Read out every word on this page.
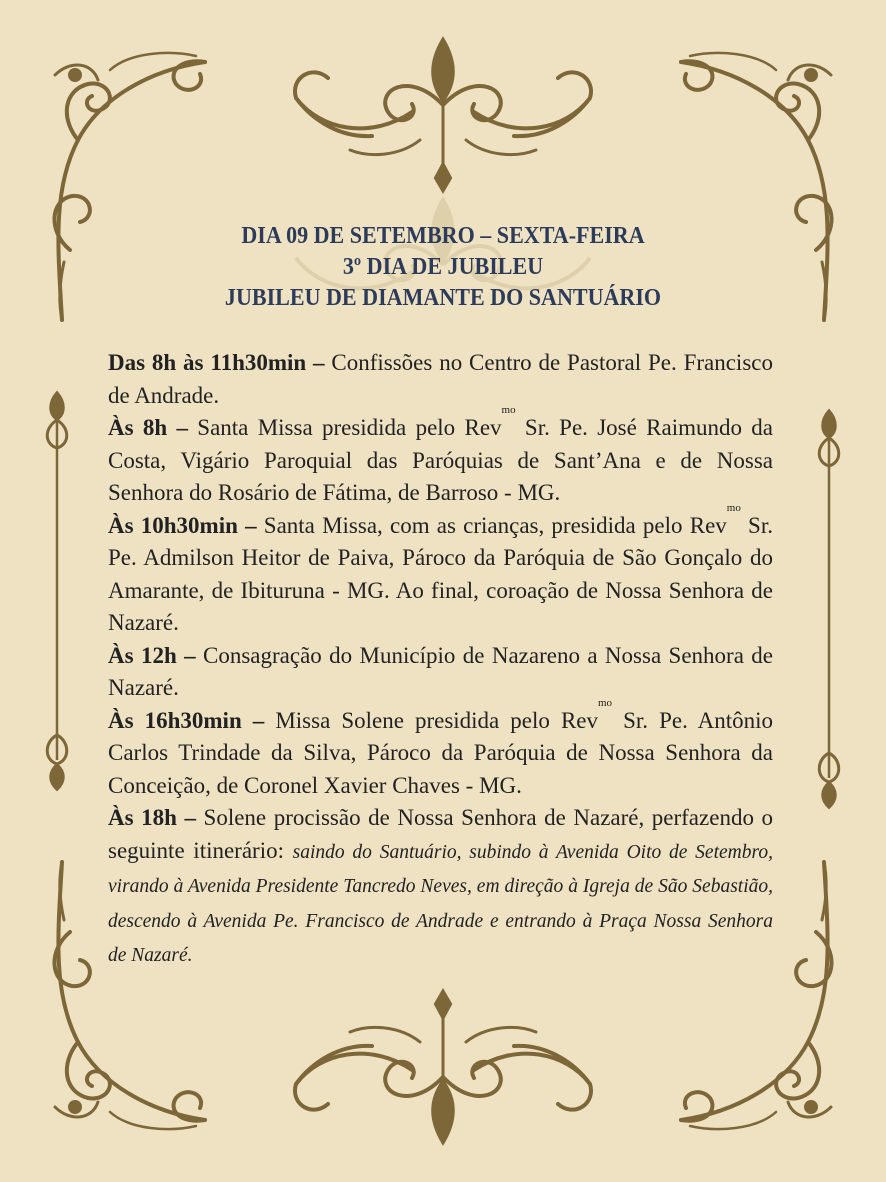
DIA 09 DE SETEMBRO – SEXTA-FEIRA
3º DIA DE JUBILEU
JUBILEU DE DIAMANTE DO SANTUÁRIO

Das 8h às 11h30min – Confissões no Centro de Pastoral Pe. Francisco de Andrade.

Às 8h – Santa Missa presidida pelo Rev$^{mo}$ Sr. Pe. José Raimundo da Costa, Vigário Paroquial das Paróquias de Sant’Ana e de Nossa Senhora do Rosário de Fátima, de Barroso - MG.

Às 10h30min – Santa Missa, com as crianças, presidida pelo Rev$^{mo}$ Sr. Pe. Admilson Heitor de Paiva, Pároco da Paróquia de São Gonçalo do Amarante, de Ibituruna - MG. Ao final, coroação de Nossa Senhora de Nazaré.

Às 12h – Consagração do Município de Nazareno a Nossa Senhora de Nazaré.

Às 16h30min – Missa Solene presidida pelo Rev$^{mo}$ Sr. Pe. Antônio Carlos Trindade da Silva, Pároco da Paróquia de Nossa Senhora da Conceição, de Coronel Xavier Chaves - MG.

Às 18h – Solene procissão de Nossa Senhora de Nazaré, perfazendo o seguinte itinerário: saindo do Santuário, subindo à Avenida Oito de Setembro, virando à Avenida Presidente Tancredo Neves, em direção à Igreja de São Sebastião, descendo à Avenida Pe. Francisco de Andrade e entrando à Praça Nossa Senhora de Nazaré.
